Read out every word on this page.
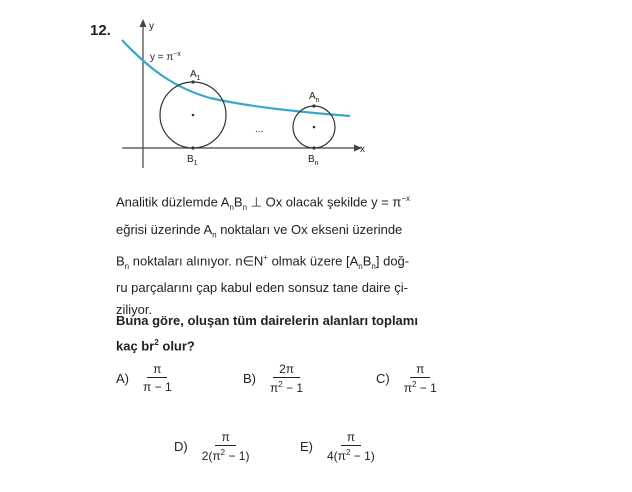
12.	y
x
$y = \pi^{-x}$
$A_1$
$B_1$
...
$A_n$
$B_n$
Analitik düzlemde $A_nB_n$ ⊥ Ox olacak şekilde $y = \pi^{-x}$
eğrisi üzerinde $A_n$ noktaları ve Ox ekseni üzerinde
$B_n$ noktaları alınıyor. n∈N+ olmak üzere $[A_nB_n]$ doğ-
ru parçalarını çap kabul eden sonsuz tane daire çi-
ziliyor.
Buna göre, oluşan tüm dairelerin alanları toplamı
kaç $br^2$ olur?
$A) \frac{\pi}{\pi - 1}$	$B) \frac{2\pi}{\pi^2 - 1}$	$C) \frac{\pi}{\pi^2 - 1}$
$D) \frac{\pi}{2(\pi^2 - 1)}$	$E) \frac{\pi}{4(\pi^2 - 1)}$
